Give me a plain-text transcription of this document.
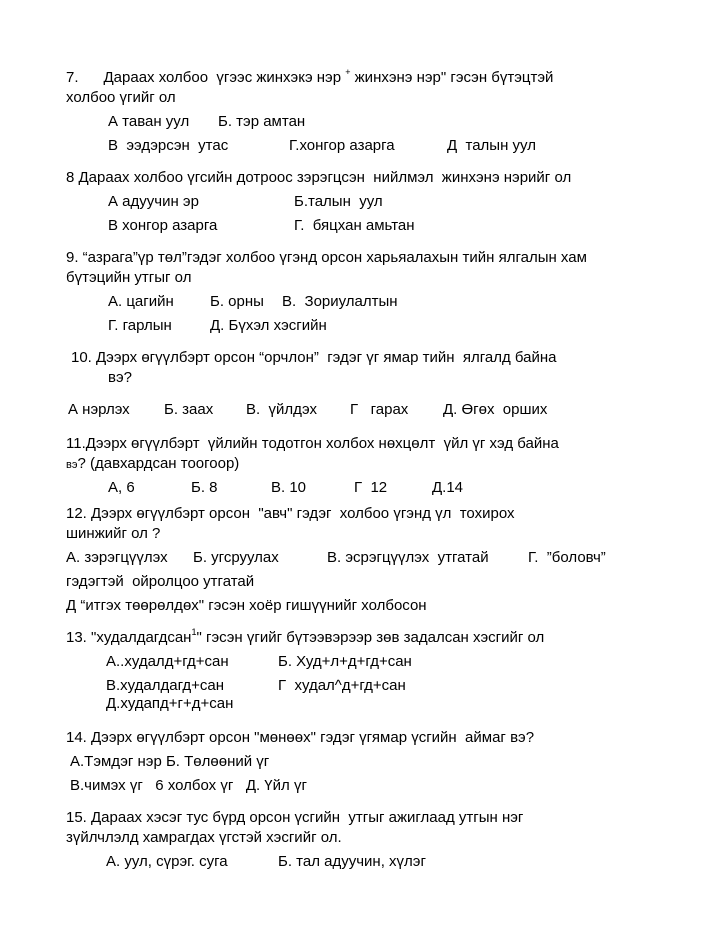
7.      Дараах холбоо  үгээс жинхэкэ нэр + жинхэнэ нэр" гэсэн бүтэцтэй
холбоо үгийг ол
А таван уул Б. тэр амтан
В  ээдэрсэн  утас	Г.хонгор азарга	Д  талын уул
8 Дараах холбоо үгсийн дотроос зэрэгцсэн  нийлмэл  жинхэнэ нэрийг ол
А адуучин эр	Б.талын  уул
В хонгор азарга	Г.  бяцхан амьтан
9. “азрага”үр төл”гэдэг холбоо үгэнд орсон харьяалахын тийн ялгалын хам
бүтэцийн утгыг ол
А. цагийн Б. орны В.  Зориулалтын
Г. гарлын	Д. Бүхэл хэсгийн
10. Дээрх өгүүлбэрт орсон “орчлон”  гэдэг үг ямар тийн  ялгалд байна
вэ?
А нэрлэх Б. заах В.  үйлдэх Г   гарах Д. Өгөх  орших
11.Дээрх өгүүлбэрт  үйлийн тодотгон холбох нөхцөлт  үйл үг хэд байна
вэ? (давхардсан тоогоор)
А, 6	Б. 8	В. 10	Г  12	Д.14
12. Дээрх өгүүлбэрт орсон  "авч" гэдэг  холбоо үгэнд үл  тохирох
шинжийг ол ?
А. зэрэгцүүлэх Б. угсруулах	В. эсрэгцүүлэх  утгатай	Г.  ”боловч”
гэдэгтэй  ойролцоо утгатай
Д “итгэх төөрөлдөх" гэсэн хоёр гишүүнийг холбосон
13. "худалдагдсан$^1$" гэсэн үгийг бүтээвэрээр зөв задалсан хэсгийг ол
А..худалд+гд+сан	Б. Худ+л+д+гд+сан
В.худалдагд+сан	Г  худал^д+гд+сан
Д.худапд+г+д+сан
14. Дээрх өгүүлбэрт орсон "мөнөөх" гэдэг үгямар үсгийн  аймаг вэ?
А.Тэмдэг нэр Б. Төлөөний үг
В.чимэх үг   6 холбох үг   Д. Үйл үг
15. Дараах хэсэг тус бүрд орсон үсгийн  утгыг ажиглаад утгын нэг
зүйлчлэлд хамрагдах үгстэй хэсгийг ол.
А. уул, сүрэг. суга	Б. тал адуучин, хүлэг
